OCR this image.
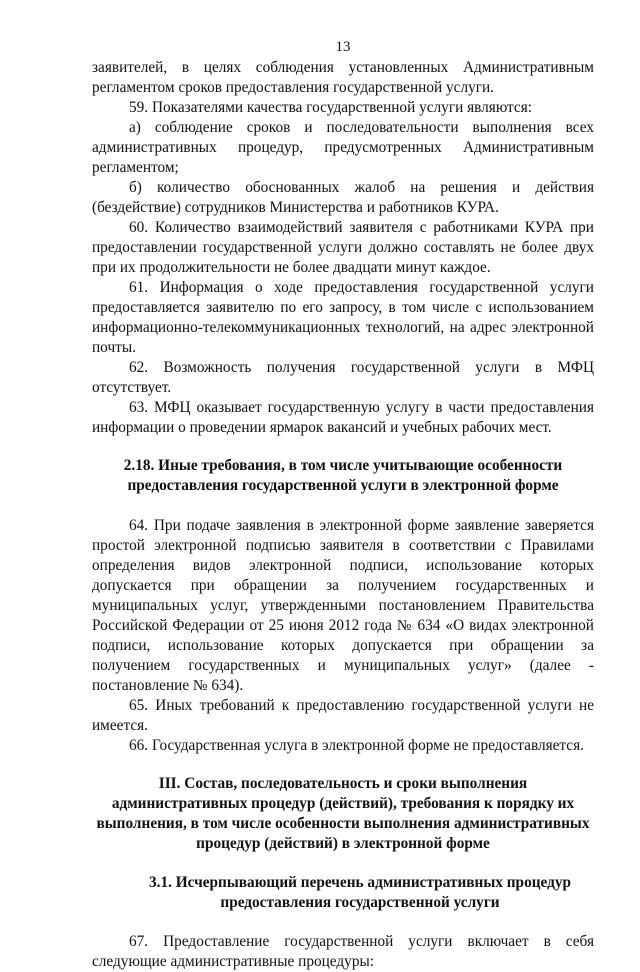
13

заявителей, в целях соблюдения установленных Административным регламентом сроков предоставления государственной услуги.

59. Показателями качества государственной услуги являются:

а) соблюдение сроков и последовательности выполнения всех административных процедур, предусмотренных Административным регламентом;

б) количество обоснованных жалоб на решения и действия (бездействие) сотрудников Министерства и работников КУРА.

60. Количество взаимодействий заявителя с работниками КУРА при предоставлении государственной услуги должно составлять не более двух при их продолжительности не более двадцати минут каждое.

61. Информация о ходе предоставления государственной услуги предоставляется заявителю по его запросу, в том числе с использованием информационно-телекоммуникационных технологий, на адрес электронной почты.

62. Возможность получения государственной услуги в МФЦ отсутствует.

63. МФЦ оказывает государственную услугу в части предоставления информации о проведении ярмарок вакансий и учебных рабочих мест.

2.18. Иные требования, в том числе учитывающие особенности предоставления государственной услуги в электронной форме

64. При подаче заявления в электронной форме заявление заверяется простой электронной подписью заявителя в соответствии с Правилами определения видов электронной подписи, использование которых допускается при обращении за получением государственных и муниципальных услуг, утвержденными постановлением Правительства Российской Федерации от 25 июня 2012 года № 634 «О видах электронной подписи, использование которых допускается при обращении за получением государственных и муниципальных услуг» (далее - постановление № 634).

65. Иных требований к предоставлению государственной услуги не имеется.

66. Государственная услуга в электронной форме не предоставляется.

III. Состав, последовательность и сроки выполнения административных процедур (действий), требования к порядку их выполнения, в том числе особенности выполнения административных процедур (действий) в электронной форме
3.1. Исчерпывающий перечень административных процедур предоставления государственной услуги

67. Предоставление государственной услуги включает в себя следующие административные процедуры:
